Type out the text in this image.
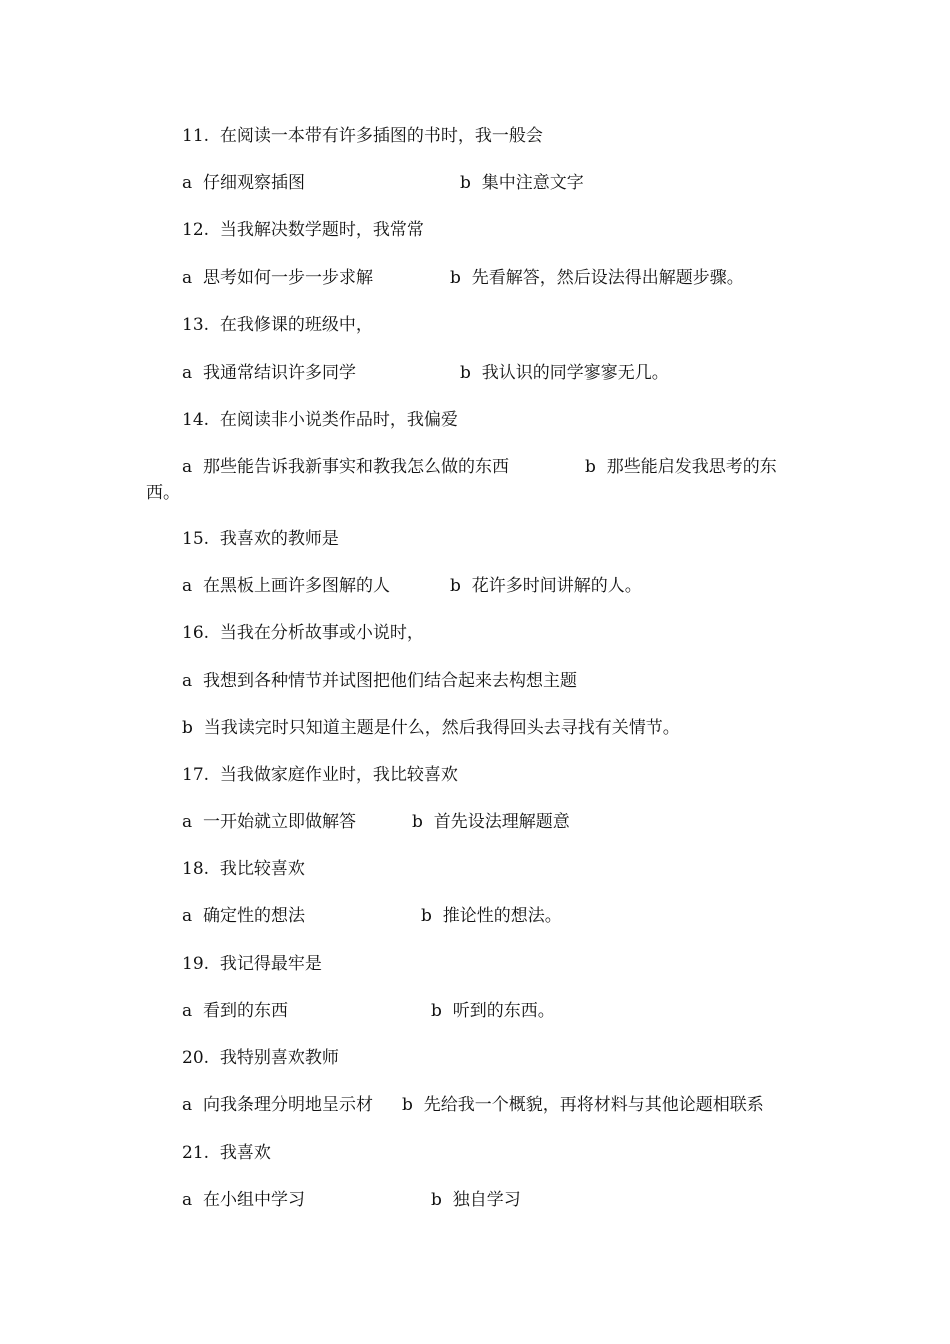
11.  在阅读一本带有许多插图的书时，我一般会
a  仔细观察插图	b  集中注意文字
12.  当我解决数学题时，我常常
a  思考如何一步一步求解	b  先看解答，然后设法得出解题步骤。
13.  在我修课的班级中，
a  我通常结识许多同学	b  我认识的同学寥寥无几。
14.  在阅读非小说类作品时，我偏爱
a  那些能告诉我新事实和教我怎么做的东西	b  那些能启发我思考的东
西。
15.  我喜欢的教师是
a  在黑板上画许多图解的人	b  花许多时间讲解的人。
16.  当我在分析故事或小说时，
a  我想到各种情节并试图把他们结合起来去构想主题
b  当我读完时只知道主题是什么，然后我得回头去寻找有关情节。
17.  当我做家庭作业时，我比较喜欢
a  一开始就立即做解答	b  首先设法理解题意
18.  我比较喜欢
a  确定性的想法	b  推论性的想法。
19.  我记得最牢是
a  看到的东西	b  听到的东西。
20.  我特别喜欢教师
a  向我条理分明地呈示材 b  先给我一个概貌，再将材料与其他论题相联系
21.  我喜欢
a  在小组中学习	b  独自学习
